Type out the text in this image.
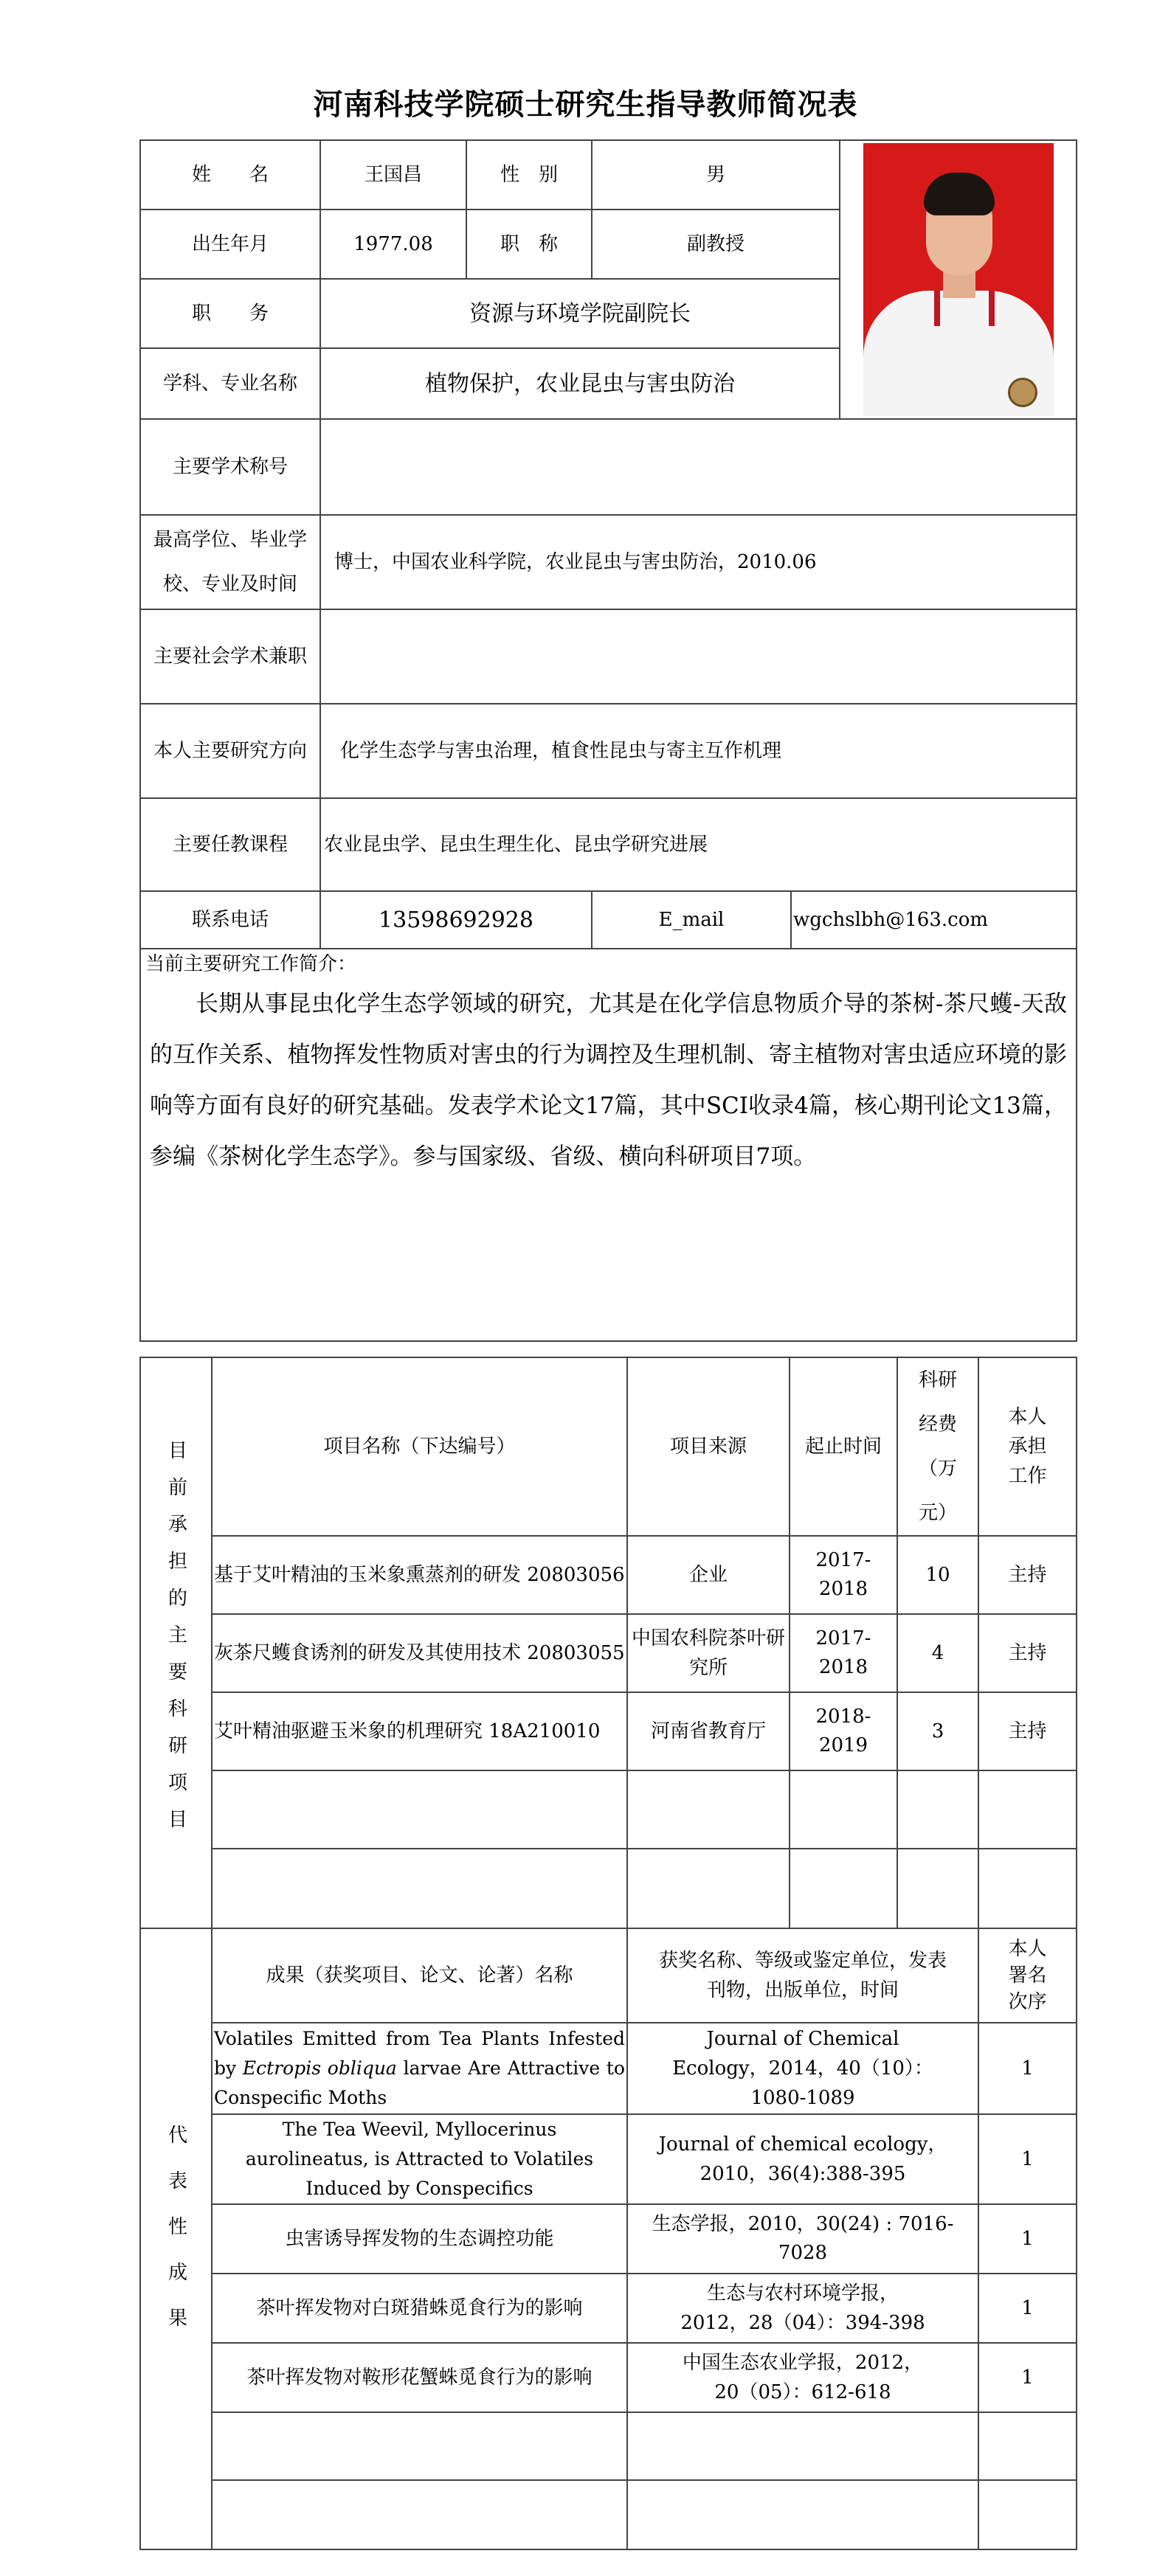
河南科技学院硕士研究生指导教师简况表
姓　　名	王国昌	性　别	男		

出生年月	1977.08	职　称	副教授		
职　　务	资源与环境学院副院长				
学科、专业名称	植物保护，农业昆虫与害虫防治				
主要学术称号					
最高学位、毕业学校、专业及时间	博士，中国农业科学院，农业昆虫与害虫防治，2010.06				
主要社会学术兼职					
本人主要研究方向	化学生态学与害虫治理，植食性昆虫与寄主互作机理				
主要任教课程	农业昆虫学、昆虫生理生化、昆虫学研究进展				
联系电话	13598692928		E_mail	wgchslbh@163.com	

当前主要研究工作简介：
长期从事昆虫化学生态学领域的研究，尤其是在化学信息物质介导的茶树-茶尺蠖-天敌的互作关系、植物挥发性物质对害虫的行为调控及生理机制、寄主植物对害虫适应环境的影响等方面有良好的研究基础。发表学术论文17篇，其中SCI收录4篇，核心期刊论文13篇，参编《茶树化学生态学》。参与国家级、省级、横向科研项目7项。					
目前承担的主要科研项目	项目名称（下达编号）	项目来源	起止时间	科研经费（万元）	本人承担工作
	基于艾叶精油的玉米象熏蒸剂的研发 20803056	企业	2017-2018	10	主持
	灰茶尺蠖食诱剂的研发及其使用技术 20803055	中国农科院茶叶研究所	2017-2018	4	主持
	艾叶精油驱避玉米象的机理研究 18A210010	河南省教育厅	2018-2019	3	主持

代表性成果	成果（获奖项目、论文、论著）名称	获奖名称、等级或鉴定单位，发表刊物，出版单位，时间			本人署名次序
	Volatiles Emitted from Tea Plants Infested by Ectropis obliqua larvae Are Attractive to Conspecific Moths	Journal of Chemical Ecology，2014，40（10）：1080-1089			1
	The Tea Weevil, Myllocerinus aurolineatus, is Attracted to Volatiles Induced by Conspecifics	Journal of chemical ecology，2010，36(4):388-395			1
	虫害诱导挥发物的生态调控功能	生态学报，2010，30(24) : 7016-7028			1
	茶叶挥发物对白斑猎蛛觅食行为的影响	生态与农村环境学报，2012，28（04）：394-398			1
	茶叶挥发物对鞍形花蟹蛛觅食行为的影响	中国生态农业学报，2012，20（05）：612-618			1
